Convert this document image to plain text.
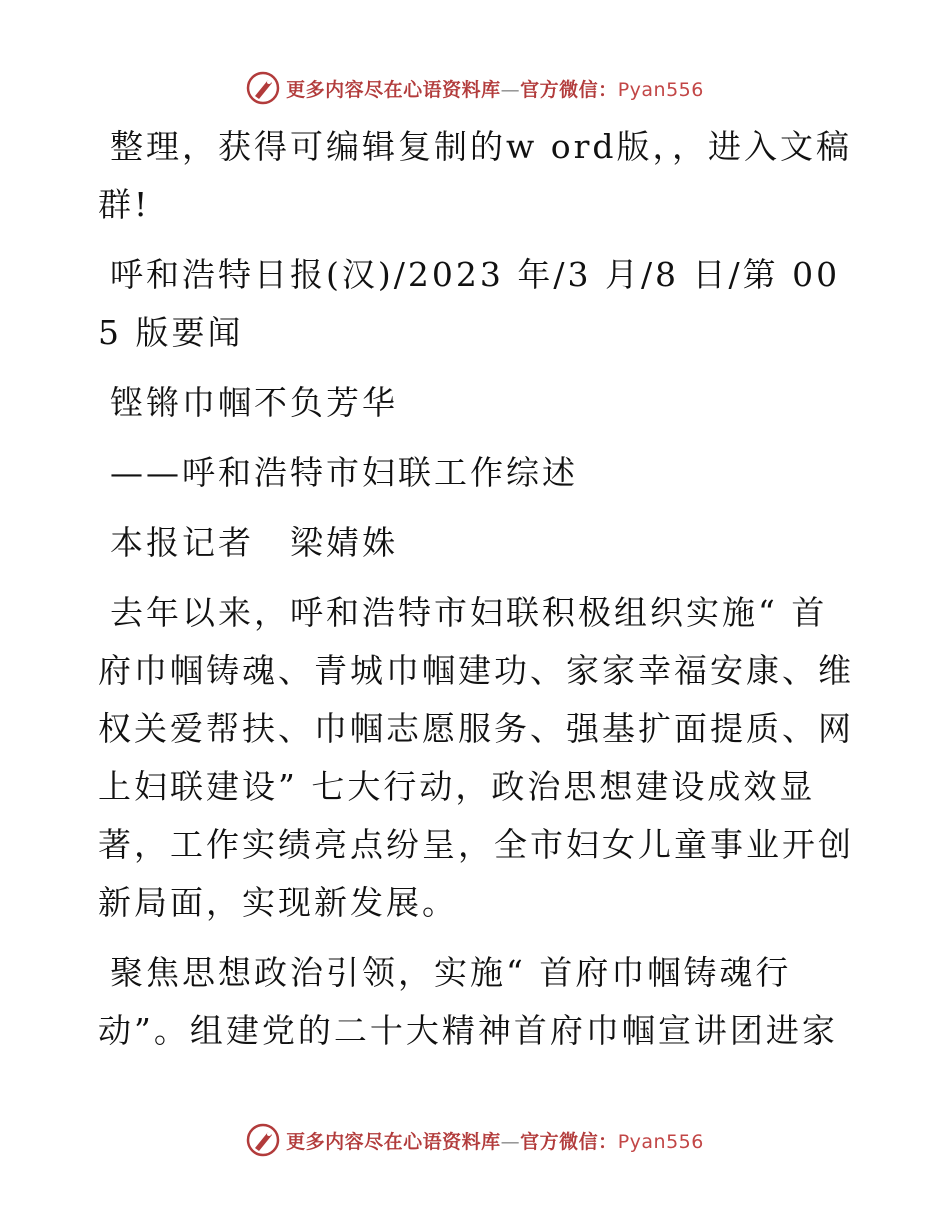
更多内容尽在心语资料库—官方微信：Pyan556

整理，获得可编辑复制的w ord版，，进入文稿群!

呼和浩特日报(汉)/2023 年/3 月/8 日/第 005 版要闻

铿锵巾帼不负芳华

——呼和浩特市妇联工作综述

本报记者　梁婧姝

去年以来，呼和浩特市妇联积极组织实施“ 首府巾帼铸魂、青城巾帼建功、家家幸福安康、维权关爱帮扶、巾帼志愿服务、强基扩面提质、网上妇联建设” 七大行动，政治思想建设成效显著，工作实绩亮点纷呈，全市妇女儿童事业开创新局面，实现新发展。

聚焦思想政治引领，实施“ 首府巾帼铸魂行动”。组建党的二十大精神首府巾帼宣讲团进家

更多内容尽在心语资料库—官方微信：Pyan556
